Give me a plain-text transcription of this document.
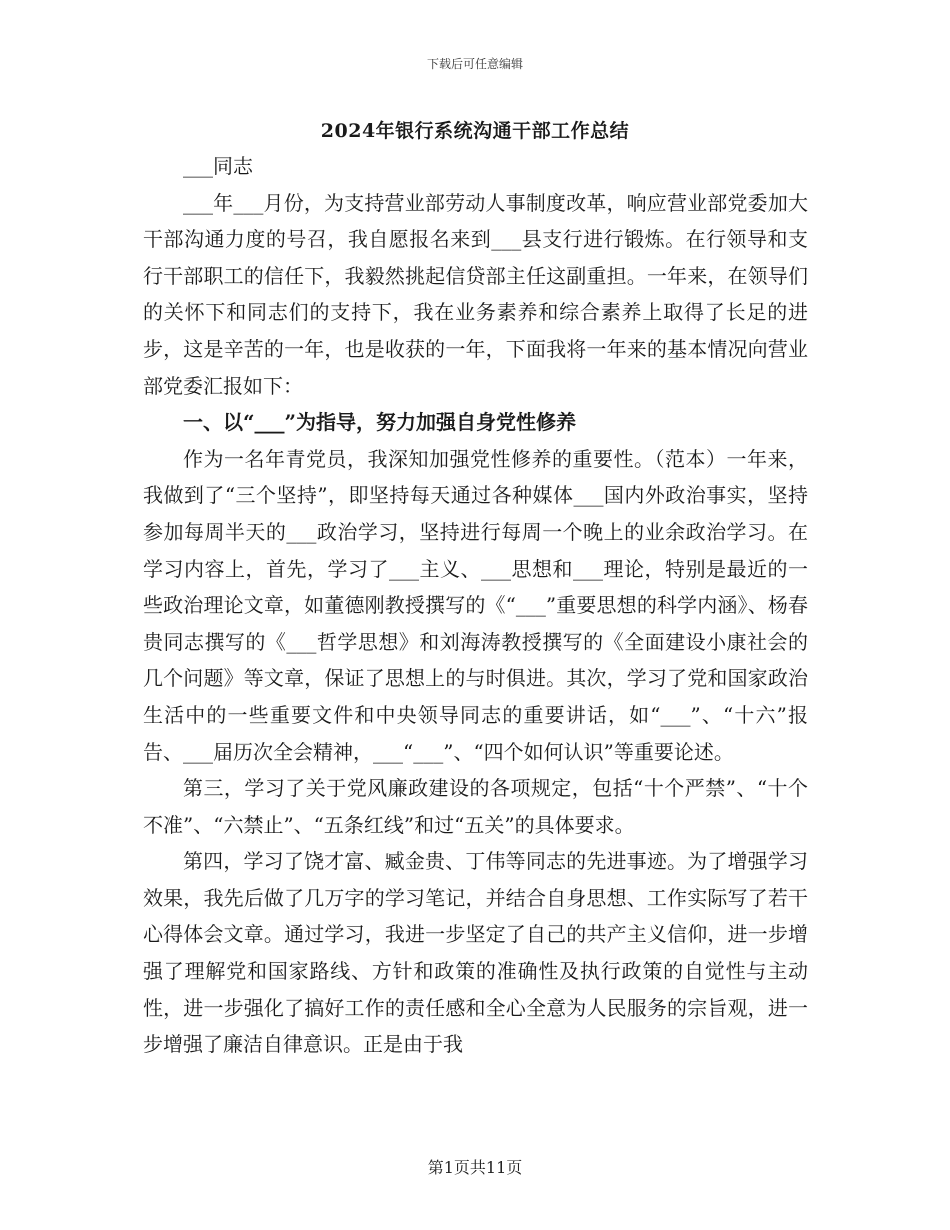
下载后可任意编辑
2024年银行系统沟通干部工作总结

___同志

___年___月份，为支持营业部劳动人事制度改革，响应营业部党委加大干部沟通力度的号召，我自愿报名来到___县支行进行锻炼。在行领导和支行干部职工的信任下，我毅然挑起信贷部主任这副重担。一年来，在领导们的关怀下和同志们的支持下，我在业务素养和综合素养上取得了长足的进步，这是辛苦的一年，也是收获的一年，下面我将一年来的基本情况向营业部党委汇报如下：

一、以“___”为指导，努力加强自身党性修养

作为一名年青党员，我深知加强党性修养的重要性。（范本）一年来，我做到了“三个坚持”，即坚持每天通过各种媒体___国内外政治事实，坚持参加每周半天的___政治学习，坚持进行每周一个晚上的业余政治学习。在学习内容上，首先，学习了___主义、___思想和___理论，特别是最近的一些政治理论文章，如董德刚教授撰写的《“___”重要思想的科学内涵》、杨春贵同志撰写的《___哲学思想》和刘海涛教授撰写的《全面建设小康社会的几个问题》等文章，保证了思想上的与时俱进。其次，学习了党和国家政治生活中的一些重要文件和中央领导同志的重要讲话，如“___”、“十六”报告、___届历次全会精神，___“___”、“四个如何认识”等重要论述。

第三，学习了关于党风廉政建设的各项规定，包括“十个严禁”、“十个不准”、“六禁止”、“五条红线”和过“五关”的具体要求。

第四，学习了饶才富、臧金贵、丁伟等同志的先进事迹。为了增强学习效果，我先后做了几万字的学习笔记，并结合自身思想、工作实际写了若干心得体会文章。通过学习，我进一步坚定了自己的共产主义信仰，进一步增强了理解党和国家路线、方针和政策的准确性及执行政策的自觉性与主动性，进一步强化了搞好工作的责任感和全心全意为人民服务的宗旨观，进一步增强了廉洁自律意识。正是由于我

第1页共11页
